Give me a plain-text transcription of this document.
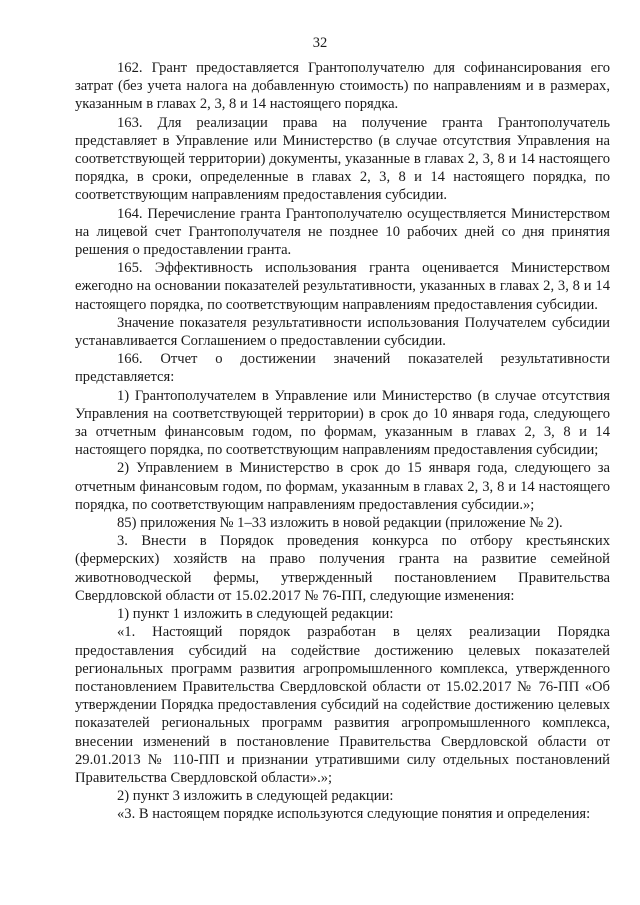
32

162. Грант предоставляется Грантополучателю для софинансирования его затрат (без учета налога на добавленную стоимость) по направлениям и в размерах, указанным в главах 2, 3, 8 и 14 настоящего порядка.

163. Для реализации права на получение гранта Грантополучатель представляет в Управление или Министерство (в случае отсутствия Управления на соответствующей территории) документы, указанные в главах 2, 3, 8 и 14 настоящего порядка, в сроки, определенные в главах 2, 3, 8 и 14 настоящего порядка, по соответствующим направлениям предоставления субсидии.

164. Перечисление гранта Грантополучателю осуществляется Министерством на лицевой счет Грантополучателя не позднее 10 рабочих дней со дня принятия решения о предоставлении гранта.

165. Эффективность использования гранта оценивается Министерством ежегодно на основании показателей результативности, указанных в главах 2, 3, 8 и 14 настоящего порядка, по соответствующим направлениям предоставления субсидии.

Значение показателя результативности использования Получателем субсидии устанавливается Соглашением о предоставлении субсидии.

166. Отчет о достижении значений показателей результативности представляется:

1) Грантополучателем в Управление или Министерство (в случае отсутствия Управления на соответствующей территории) в срок до 10 января года, следующего за отчетным финансовым годом, по формам, указанным в главах 2, 3, 8 и 14 настоящего порядка, по соответствующим направлениям предоставления субсидии;

2) Управлением в Министерство в срок до 15 января года, следующего за отчетным финансовым годом, по формам, указанным в главах 2, 3, 8 и 14 настоящего порядка, по соответствующим направлениям предоставления субсидии.»;

85) приложения № 1–33 изложить в новой редакции (приложение № 2).

3. Внести в Порядок проведения конкурса по отбору крестьянских (фермерских) хозяйств на право получения гранта на развитие семейной животноводческой фермы, утвержденный постановлением Правительства Свердловской области от 15.02.2017 № 76-ПП, следующие изменения:

1) пункт 1 изложить в следующей редакции:

«1. Настоящий порядок разработан в целях реализации Порядка предоставления субсидий на содействие достижению целевых показателей региональных программ развития агропромышленного комплекса, утвержденного постановлением Правительства Свердловской области от 15.02.2017 № 76-ПП «Об утверждении Порядка предоставления субсидий на содействие достижению целевых показателей региональных программ развития агропромышленного комплекса, внесении изменений в постановление Правительства Свердловской области от 29.01.2013 № 110-ПП и признании утратившими силу отдельных постановлений Правительства Свердловской области».»;

2) пункт 3 изложить в следующей редакции:

«3. В настоящем порядке используются следующие понятия и определения:
